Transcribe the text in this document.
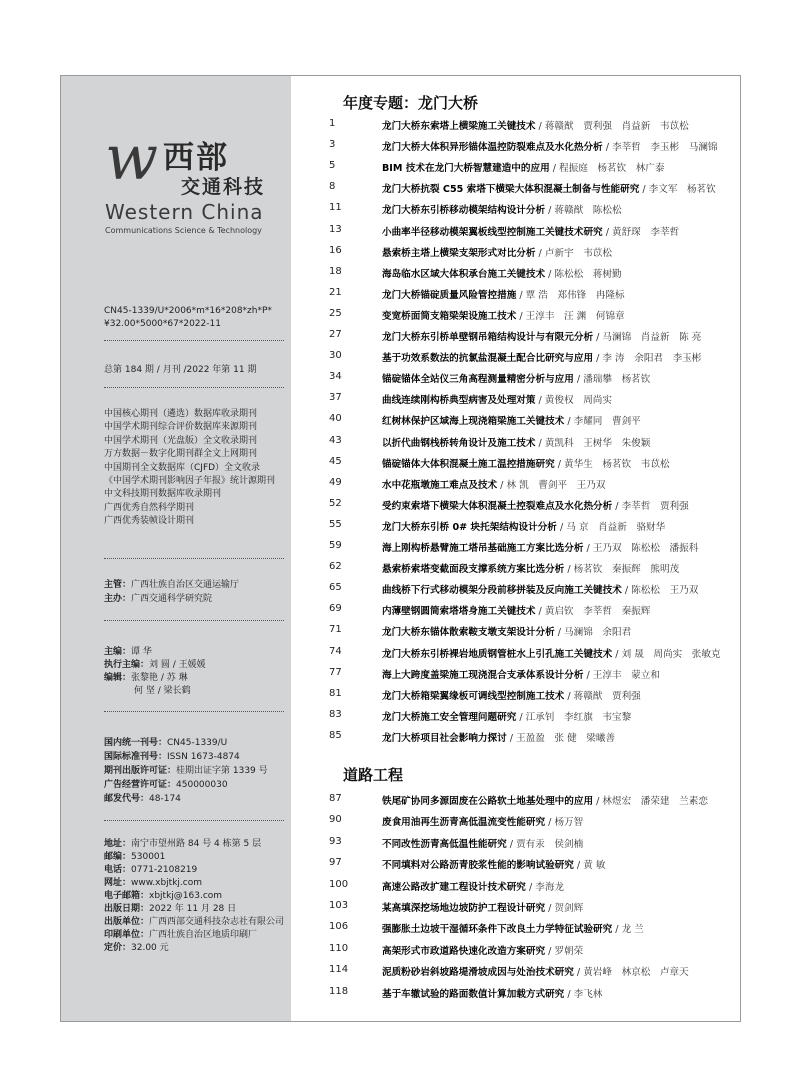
w 西部
交通科技
Western China
Communications Science & Technology
CN45-1339/U*2006*m*16*208*zh*P*
¥32.00*5000*67*2022-11
总第 184 期 / 月刊 /2022 年第 11 期
中国核心期刊（遴选）数据库收录期刊
中国学术期刊综合评价数据库来源期刊
中国学术期刊（光盘版）全文收录期刊
万方数据－数字化期刊群全文上网期刊
中国期刊全文数据库（CJFD）全文收录
《中国学术期刊影响因子年报》统计源期刊
中文科技期刊数据库收录期刊
广西优秀自然科学期刊
广西优秀装帧设计期刊
主管：广西壮族自治区交通运输厅
主办：广西交通科学研究院
主编：谭 华
执行主编：刘 圆 / 王媛媛
编辑：张黎艳 / 苏 琳
何 坚 / 梁长鹤
国内统一刊号：CN45-1339/U
国际标准刊号：ISSN 1673-4874
期刊出版许可证：桂期出证字第 1339 号
广告经营许可证：450000030
邮发代号：48-174
地址：南宁市望州路 84 号 4 栋第 5 层
邮编：530001
电话：0771-2108219
网址：www.xbjtkj.com
电子邮箱：xbjtkj@163.com
出版日期：2022 年 11 月 28 日
出版单位：广西西部交通科技杂志社有限公司
印刷单位：广西壮族自治区地质印刷厂
定价：32.00 元
年度专题：龙门大桥
1	龙门大桥东索塔上横梁施工关键技术 / 蒋赣猷　贾利强　肖益新　韦苡松
3	龙门大桥大体积异形锚体温控防裂难点及水化热分析 / 李莘哲　李玉彬　马澜锦
5	BIM 技术在龙门大桥智慧建造中的应用 / 程振庭　杨茗钦　林广泰
8	龙门大桥抗裂 C55 索塔下横梁大体积混凝土制备与性能研究 / 李文军　杨茗钦
11	龙门大桥东引桥移动模架结构设计分析 / 蒋赣猷　陈松松
13	小曲率半径移动模架翼板线型控制施工关键技术研究 / 黄舒琛　李莘哲
16	悬索桥主塔上横梁支架形式对比分析 / 卢新宇　韦苡松
18	海岛临水区域大体积承台施工关键技术 / 陈松松　蒋树勤
21	龙门大桥锚碇质量风险管控措施 / 覃 浩　郑伟锋　冉隆标
25	变宽桥面筒支箱梁架设施工技术 / 王淳丰　汪 渊　何锦章
27	龙门大桥东引桥单壁钢吊箱结构设计与有限元分析 / 马澜锦　肖益新　陈 亮
30	基于功效系数法的抗氯盐混凝土配合比研究与应用 / 李 涛　余阳君　李玉彬
34	锚碇锚体全站仪三角高程测量精密分析与应用 / 潘瑞攀　杨茗钦
37	曲线连续刚构桥典型病害及处理对策 / 黄俊权　周尚实
40	红树林保护区域海上现浇箱梁施工关键技术 / 李耀同　曹剑平
43	以折代曲钢栈桥转角设计及施工技术 / 黄凯科　王树华　朱俊颖
45	锚碇锚体大体积混凝土施工温控措施研究 / 黄华生　杨茗钦　韦苡松
49	水中花瓶墩施工难点及技术 / 林 凯　曹剑平　王乃双
52	受约束索塔下横梁大体积混凝土控裂难点及水化热分析 / 李莘哲　贾利强
55	龙门大桥东引桥 0# 块托架结构设计分析 / 马 京　肖益新　骆财华
59	海上刚构桥悬臂施工塔吊基础施工方案比选分析 / 王乃双　陈松松　潘振科
62	悬索桥索塔变截面段支撑系统方案比选分析 / 杨茗钦　秦振辉　熊明茂
65	曲线桥下行式移动模架分段前移拼装及反向施工关键技术 / 陈松松　王乃双
69	内薄壁钢圆筒索塔塔身施工关键技术 / 黄启钦　李莘哲　秦振辉
71	龙门大桥东锚体散索鞍支墩支架设计分析 / 马澜锦　余阳君
74	龙门大桥东引桥裸岩地质钢管桩水上引孔施工关键技术 / 刘 晟　周尚实　张敏克
77	海上大跨度盖梁施工现浇混合支承体系设计分析 / 王淳丰　蒙立和
81	龙门大桥箱梁翼缘板可调线型控制施工技术 / 蒋赣猷　贾利强
83	龙门大桥施工安全管理问题研究 / 江承钊　李红旗　韦宝黎
85	龙门大桥项目社会影响力探讨 / 王盈盈　张 健　梁曦善
道路工程
87	铁尾矿协同多源固废在公路软土地基处理中的应用 / 林煜宏　潘荣建　兰素恋
90	废食用油再生沥青高低温流变性能研究 / 杨万智
93	不同改性沥青高低温性能研究 / 贾有汞　侯剑楠
97	不同填料对公路沥青胶浆性能的影响试验研究 / 黄 敏
100	高速公路改扩建工程设计技术研究 / 李海龙
103	某高填深挖场地边坡防护工程设计研究 / 贺剑辉
106	强膨胀土边坡干湿循环条件下改良土力学特征试验研究 / 龙 兰
110	高架形式市政道路快速化改造方案研究 / 罗朝荣
114	泥质粉砂岩斜坡路堤滑坡成因与处治技术研究 / 黄岩峰　林京松　卢章天
118	基于车辙试验的路面数值计算加载方式研究 / 李飞林
